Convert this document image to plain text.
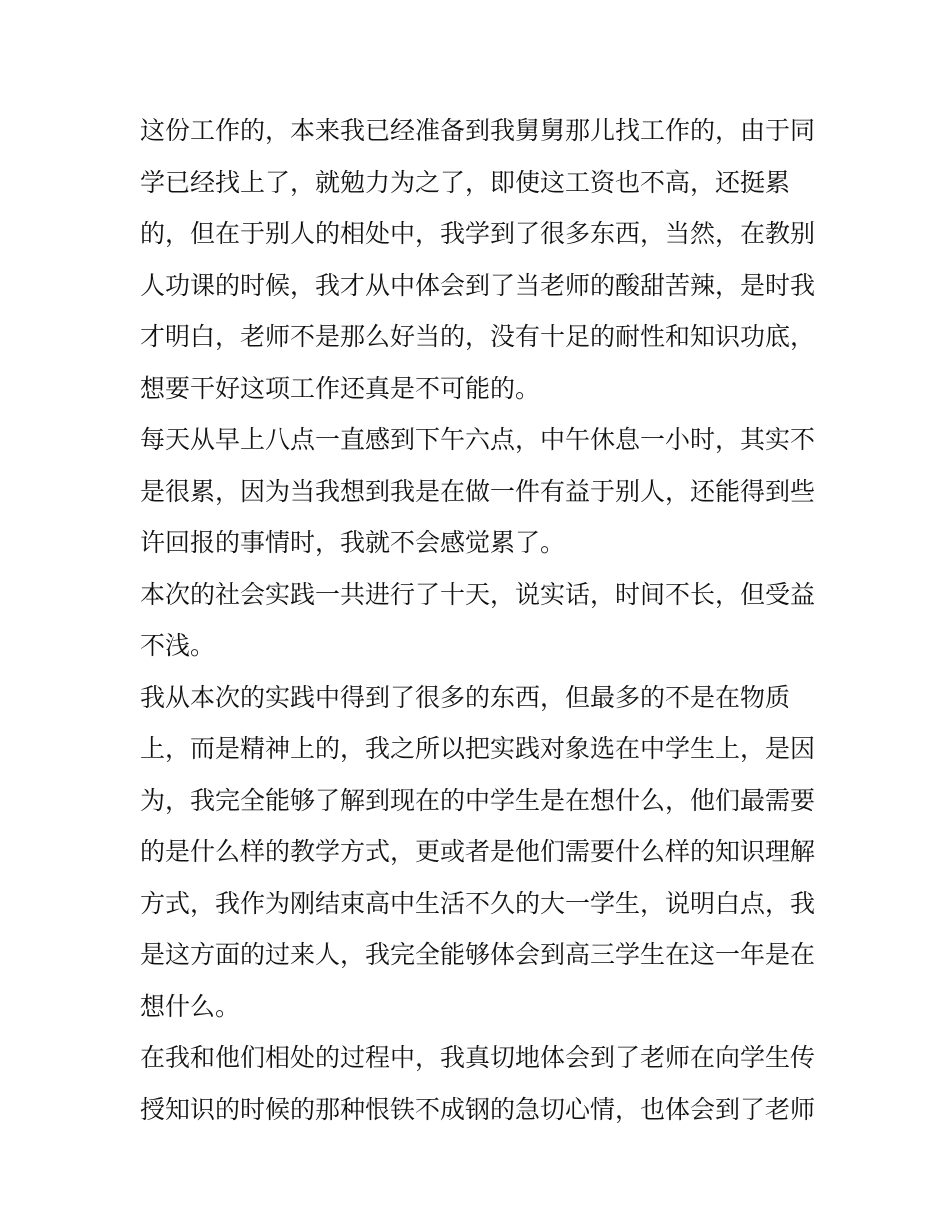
这份工作的，本来我已经准备到我舅舅那儿找工作的，由于同
学已经找上了，就勉力为之了，即使这工资也不高，还挺累
的，但在于别人的相处中，我学到了很多东西，当然，在教别
人功课的时候，我才从中体会到了当老师的酸甜苦辣，是时我
才明白，老师不是那么好当的，没有十足的耐性和知识功底，
想要干好这项工作还真是不可能的。
每天从早上八点一直感到下午六点，中午休息一小时，其实不
是很累，因为当我想到我是在做一件有益于别人，还能得到些
许回报的事情时，我就不会感觉累了。
本次的社会实践一共进行了十天，说实话，时间不长，但受益
不浅。
我从本次的实践中得到了很多的东西，但最多的不是在物质
上，而是精神上的，我之所以把实践对象选在中学生上，是因
为，我完全能够了解到现在的中学生是在想什么，他们最需要
的是什么样的教学方式，更或者是他们需要什么样的知识理解
方式，我作为刚结束高中生活不久的大一学生，说明白点，我
是这方面的过来人，我完全能够体会到高三学生在这一年是在
想什么。
在我和他们相处的过程中，我真切地体会到了老师在向学生传
授知识的时候的那种恨铁不成钢的急切心情，也体会到了老师
